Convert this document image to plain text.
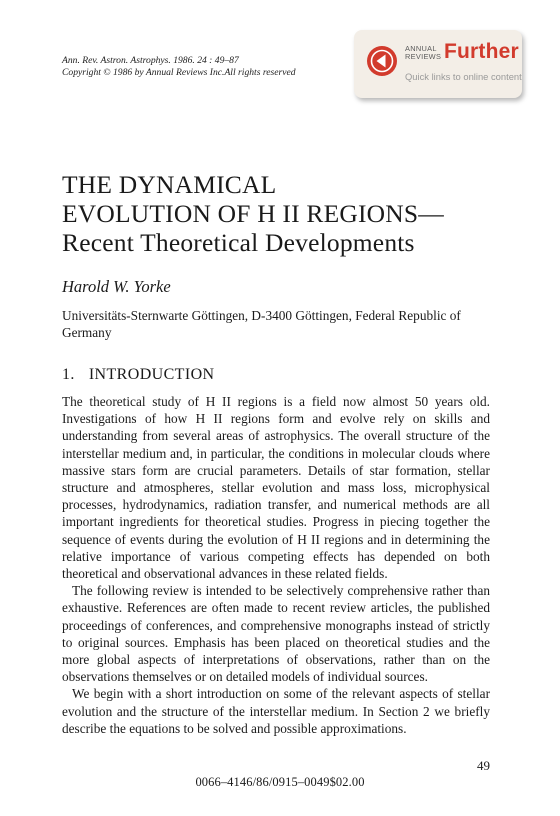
Ann. Rev. Astron. Astrophys. 1986. 24 : 49–87
Copyright © 1986 by Annual Reviews Inc.All rights reserved
ANNUAL
REVIEWS Further
Quick links to online content
THE DYNAMICAL
EVOLUTION OF H II REGIONS—
Recent Theoretical Developments
Harold W. Yorke
Universitäts-Sternwarte Göttingen, D-3400 Göttingen, Federal Republic of Germany
1. INTRODUCTION

The theoretical study of H II regions is a field now almost 50 years old. Investigations of how H II regions form and evolve rely on skills and understanding from several areas of astrophysics. The overall structure of the interstellar medium and, in particular, the conditions in molecular clouds where massive stars form are crucial parameters. Details of star formation, stellar structure and atmospheres, stellar evolution and mass loss, microphysical processes, hydrodynamics, radiation transfer, and numerical methods are all important ingredients for theoretical studies. Progress in piecing together the sequence of events during the evolution of H II regions and in determining the relative importance of various competing effects has depended on both theoretical and observational advances in these related fields.

The following review is intended to be selectively comprehensive rather than exhaustive. References are often made to recent review articles, the published proceedings of conferences, and comprehensive monographs instead of strictly to original sources. Emphasis has been placed on theoretical studies and the more global aspects of interpretations of observations, rather than on the observations themselves or on detailed models of individual sources.

We begin with a short introduction on some of the relevant aspects of stellar evolution and the structure of the interstellar medium. In Section 2 we briefly describe the equations to be solved and possible approximations.

49
0066–4146/86/0915–0049$02.00
